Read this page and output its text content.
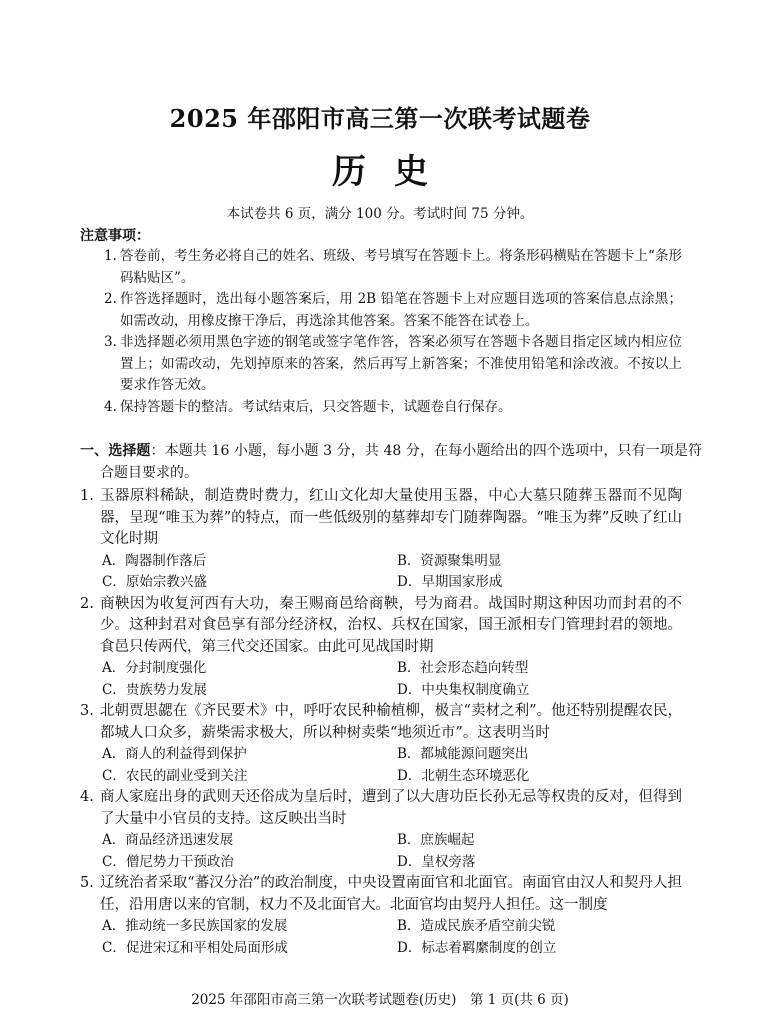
2025 年邵阳市高三第一次联考试题卷
历史
本试卷共 6 页，满分 100 分。考试时间 75 分钟。
注意事项：
1. 答卷前，考生务必将自己的姓名、班级、考号填写在答题卡上。将条形码横贴在答题卡上“条形码粘贴区”。
2. 作答选择题时，选出每小题答案后，用 2B 铅笔在答题卡上对应题目选项的答案信息点涂黑；如需改动，用橡皮擦干净后，再选涂其他答案。答案不能答在试卷上。
3. 非选择题必须用黑色字迹的钢笔或签字笔作答，答案必须写在答题卡各题目指定区域内相应位置上；如需改动，先划掉原来的答案，然后再写上新答案；不准使用铅笔和涂改液。不按以上要求作答无效。
4. 保持答题卡的整洁。考试结束后，只交答题卡，试题卷自行保存。
一、选择题：本题共 16 小题，每小题 3 分，共 48 分，在每小题给出的四个选项中，只有一项是符合题目要求的。
1. 玉器原料稀缺，制造费时费力，红山文化却大量使用玉器，中心大墓只随葬玉器而不见陶器，呈现“唯玉为葬”的特点，而一些低级别的墓葬却专门随葬陶器。“唯玉为葬”反映了红山文化时期
A．陶器制作落后	B．资源聚集明显
C．原始宗教兴盛	D．早期国家形成
2. 商鞅因为收复河西有大功，秦王赐商邑给商鞅，号为商君。战国时期这种因功而封君的不少。这种封君对食邑享有部分经济权，治权、兵权在国家，国王派相专门管理封君的领地。食邑只传两代，第三代交还国家。由此可见战国时期
A．分封制度强化	B．社会形态趋向转型
C．贵族势力发展	D．中央集权制度确立
3. 北朝贾思勰在《齐民要术》中，呼吁农民种榆植柳，极言“卖材之利”。他还特别提醒农民，都城人口众多，薪柴需求极大，所以种树卖柴“地须近市”。这表明当时
A．商人的利益得到保护	B．都城能源问题突出
C．农民的副业受到关注	D．北朝生态环境恶化
4. 商人家庭出身的武则天还俗成为皇后时，遭到了以大唐功臣长孙无忌等权贵的反对，但得到了大量中小官员的支持。这反映出当时
A．商品经济迅速发展	B．庶族崛起
C．僧尼势力干预政治	D．皇权旁落
5. 辽统治者采取“蕃汉分治”的政治制度，中央设置南面官和北面官。南面官由汉人和契丹人担任，沿用唐以来的官制，权力不及北面官大。北面官均由契丹人担任。这一制度
A．推动统一多民族国家的发展	B．造成民族矛盾空前尖锐
C．促进宋辽和平相处局面形成	D．标志着羁縻制度的创立
2025 年邵阳市高三第一次联考试题卷(历史)　第 1 页(共 6 页)
